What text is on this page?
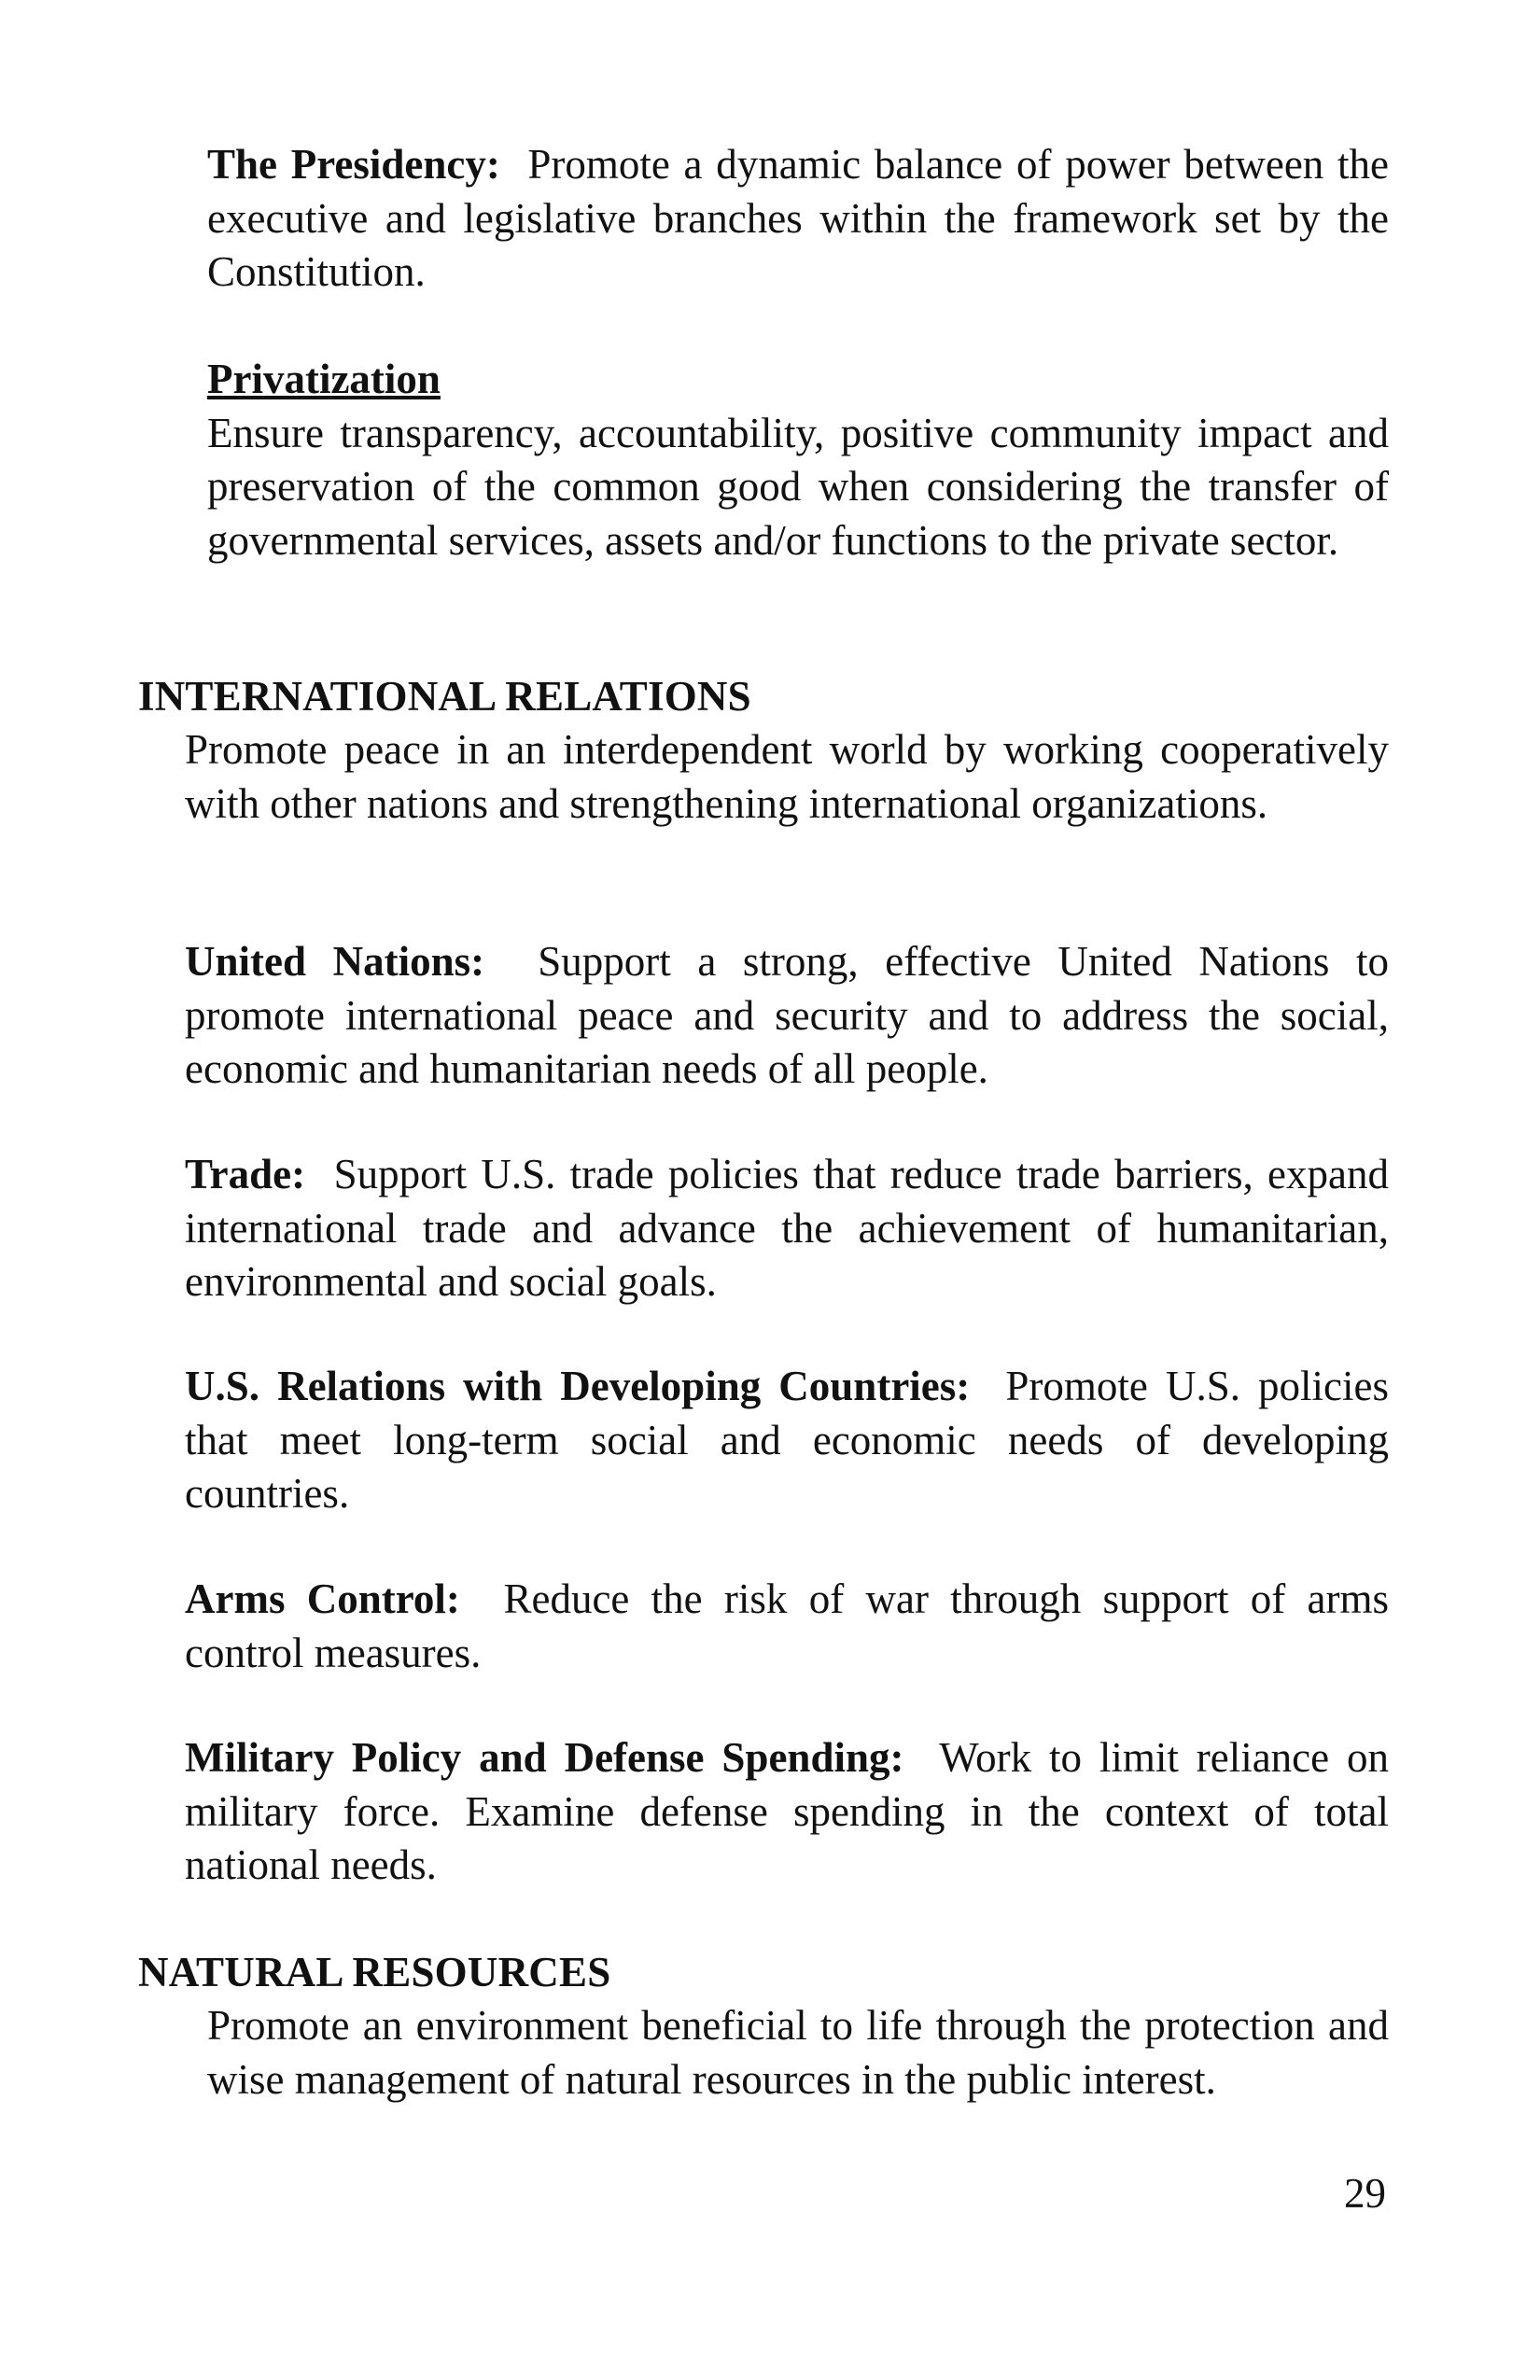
The Presidency: Promote a dynamic balance of power between the executive and legislative branches within the framework set by the Constitution.

Privatization

Ensure transparency, accountability, positive community impact and preservation of the common good when considering the transfer of governmental services, assets and/or functions to the private sector.

INTERNATIONAL RELATIONS

Promote peace in an interdependent world by working cooperatively with other nations and strengthening international organizations.

United Nations: Support a strong, effective United Nations to promote international peace and security and to address the social, economic and humanitarian needs of all people.

Trade: Support U.S. trade policies that reduce trade barriers, expand international trade and advance the achievement of humanitarian, environmental and social goals.

U.S. Relations with Developing Countries: Promote U.S. policies that meet long-term social and economic needs of developing countries.

Arms Control: Reduce the risk of war through support of arms control measures.

Military Policy and Defense Spending: Work to limit reliance on military force. Examine defense spending in the context of total national needs.

NATURAL RESOURCES

Promote an environment beneficial to life through the protection and wise management of natural resources in the public interest.

29
